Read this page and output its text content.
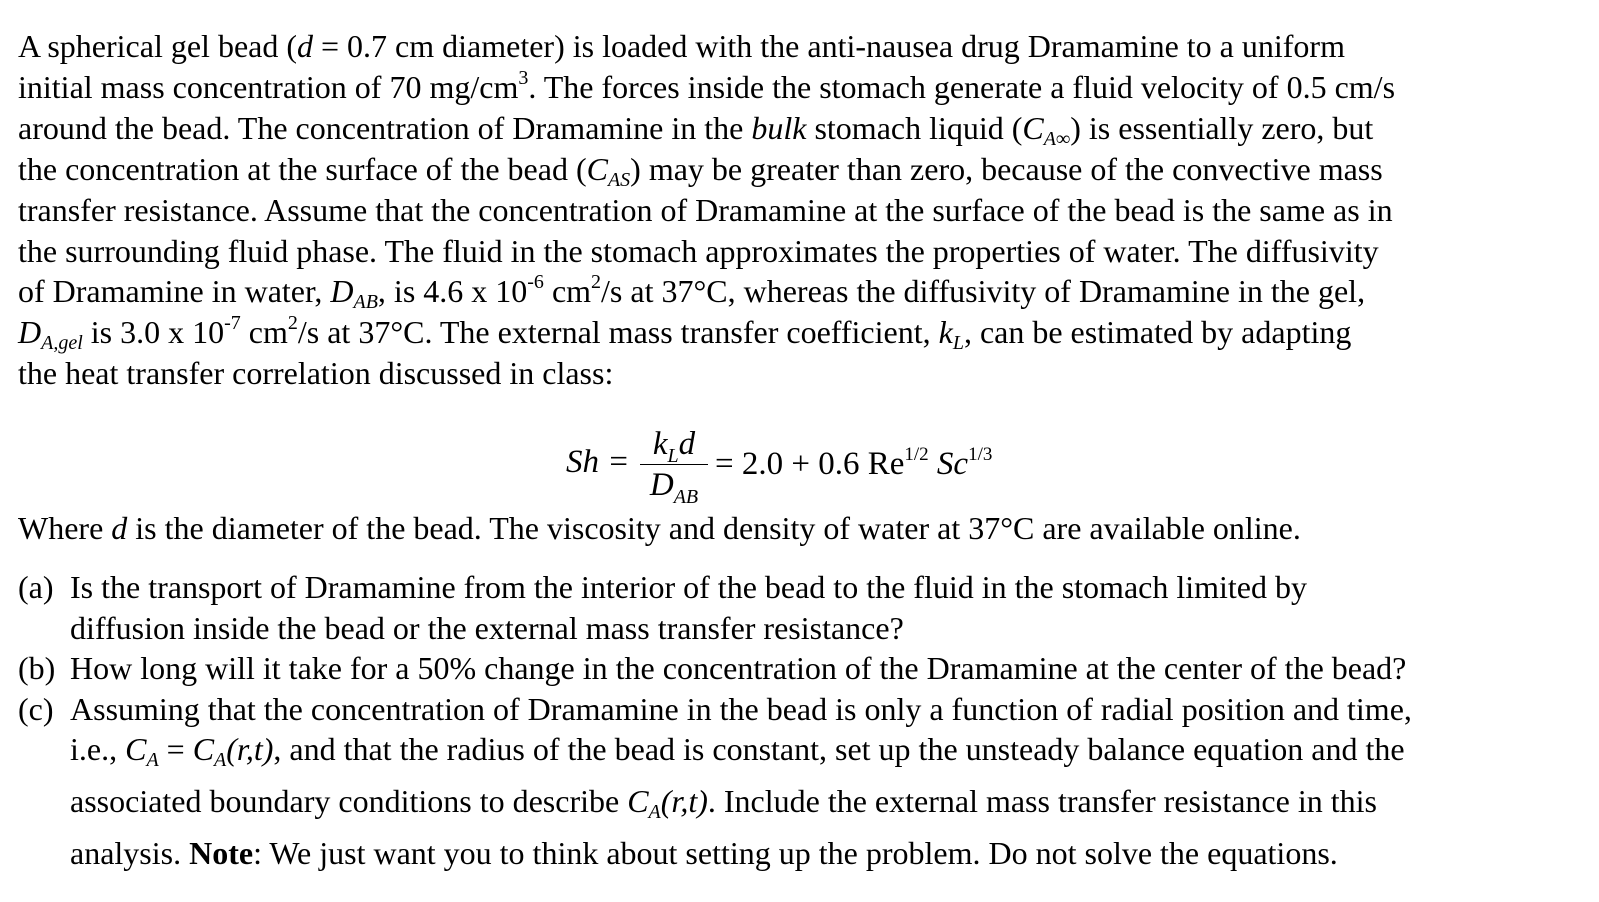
A spherical gel bead (d = 0.7 cm diameter) is loaded with the anti-nausea drug Dramamine to a uniform
initial mass concentration of 70 $mg/cm^3$. The forces inside the stomach generate a fluid velocity of 0.5 cm/s
around the bead. The concentration of Dramamine in the bulk stomach liquid $(C_{A\infty})$ is essentially zero, but
the concentration at the surface of the bead $(C_{AS})$ may be greater than zero, because of the convective mass
transfer resistance. Assume that the concentration of Dramamine at the surface of the bead is the same as in
the surrounding fluid phase. The fluid in the stomach approximates the properties of water. The diffusivity
of Dramamine in water, $D_{AB}$, is 4.6 x $10^{-6}$ $cm^2/s$ at 37°C, whereas the diffusivity of Dramamine in the gel,
$D_{A,gel}$ is 3.0 x $10^{-7}$ $cm^2/s$ at 37°C. The external mass transfer coefficient, $k_L$, can be estimated by adapting
the heat transfer correlation discussed in class:

$Sh = k_Ld$
$D_{AB}$
= 2.0 + 0.6 $Re^{1/2}$ $Sc^{1/3}$

Where d is the diameter of the bead. The viscosity and density of water at 37°C are available online.

(a) Is the transport of Dramamine from the interior of the bead to the fluid in the stomach limited by
diffusion inside the bead or the external mass transfer resistance?
(b) How long will it take for a 50% change in the concentration of the Dramamine at the center of the bead?
(c) Assuming that the concentration of Dramamine in the bead is only a function of radial position and time,
i.e., $C_A = C_A(r,t)$, and that the radius of the bead is constant, set up the unsteady balance equation and the
associated boundary conditions to describe $C_A(r,t)$. Include the external mass transfer resistance in this
analysis. Note: We just want you to think about setting up the problem. Do not solve the equations.
